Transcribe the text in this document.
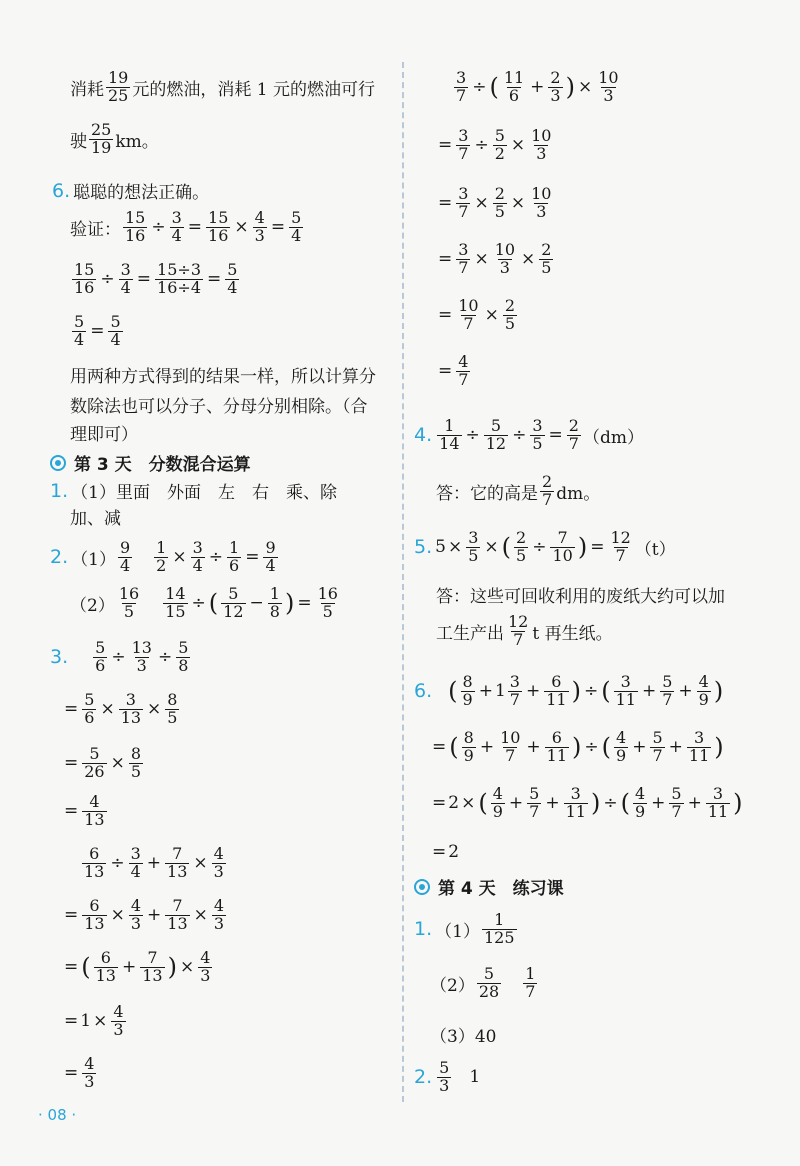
消耗 $\frac{19}{25}$ 元的燃油，消耗 1 元的燃油可行
驶 $\frac{25}{19}$ km。
6. 聪聪的想法正确。
验证： $\frac{15}{16} \div \frac{3}{4} = \frac{15}{16} \times \frac{4}{3} = \frac{5}{4}$
$\frac{15}{16} \div \frac{3}{4} = \frac{15\div 3}{16\div 4} = \frac{5}{4}$
$\frac{5}{4} = \frac{5}{4}$
用两种方式得到的结果一样，所以计算分
数除法也可以分子、分母分别相除。（合
理即可）
第 3 天　分数混合运算
1. （1）里面　外面　左　右　乘、除
加、减
2. $(1) \frac{9}{4} \frac{1}{2} \times \frac{3}{4} \div \frac{1}{6} = \frac{9}{4}$
$(2) \frac{16}{5} \frac{14}{15}$ ÷ ( $\frac{5}{12} - \frac{1}{8}$ ) = $\frac{16}{5}$
3. $\frac{5}{6} \div \frac{13}{3} \div \frac{5}{8}$
= $\frac{5}{6} \times \frac{3}{13} \times \frac{8}{5}$
= $\frac{5}{26} \times \frac{8}{5}$
= $\frac{4}{13}$
$\frac{6}{13} \div \frac{3}{4} + \frac{7}{13} \times \frac{4}{3}$
= $\frac{6}{13} \times \frac{4}{3} + \frac{7}{13} \times \frac{4}{3}$
= ( $\frac{6}{13} + \frac{7}{13}$ ) × $\frac{4}{3}$
= $1 \times \frac{4}{3}$
= $\frac{4}{3}$
· 08 ·
$\frac{3}{7}$ ÷ ( $\frac{11}{6} + \frac{2}{3}$ ) × $\frac{10}{3}$
= $\frac{3}{7} \div \frac{5}{2} \times \frac{10}{3}$
= $\frac{3}{7} \times \frac{2}{5} \times \frac{10}{3}$
= $\frac{3}{7} \times \frac{10}{3} \times \frac{2}{5}$
= $\frac{10}{7} \times \frac{2}{5}$
= $\frac{4}{7}$
4. $\frac{1}{14} \div \frac{5}{12} \div \frac{3}{5} = \frac{2}{7} (dm)$
答：它的高是 $\frac{2}{7}$ dm。
5. $5 \times \frac{3}{5}$ × ( $\frac{2}{5} \div \frac{7}{10}$ ) = $\frac{12}{7} (t)$
答：这些可回收利用的废纸大约可以加
工生产出 $\frac{12}{7}$ t 再生纸。
6. ( $\frac{8}{9} + 1 \frac{3}{7} + \frac{6}{11}$ ) ÷ ( $\frac{3}{11} + \frac{5}{7} + \frac{4}{9}$ )
= ( $\frac{8}{9} + \frac{10}{7} + \frac{6}{11}$ ) ÷ ( $\frac{4}{9} + \frac{5}{7} + \frac{3}{11}$ )
= 2 × ( $\frac{4}{9} + \frac{5}{7} + \frac{3}{11}$ ) ÷ ( $\frac{4}{9} + \frac{5}{7} + \frac{3}{11}$ )
= 2
第 4 天　练习课
1. $(1) \frac{1}{125}$
$(2) \frac{5}{28} \frac{1}{7}$
（3）40
2. $\frac{5}{3} 1$
